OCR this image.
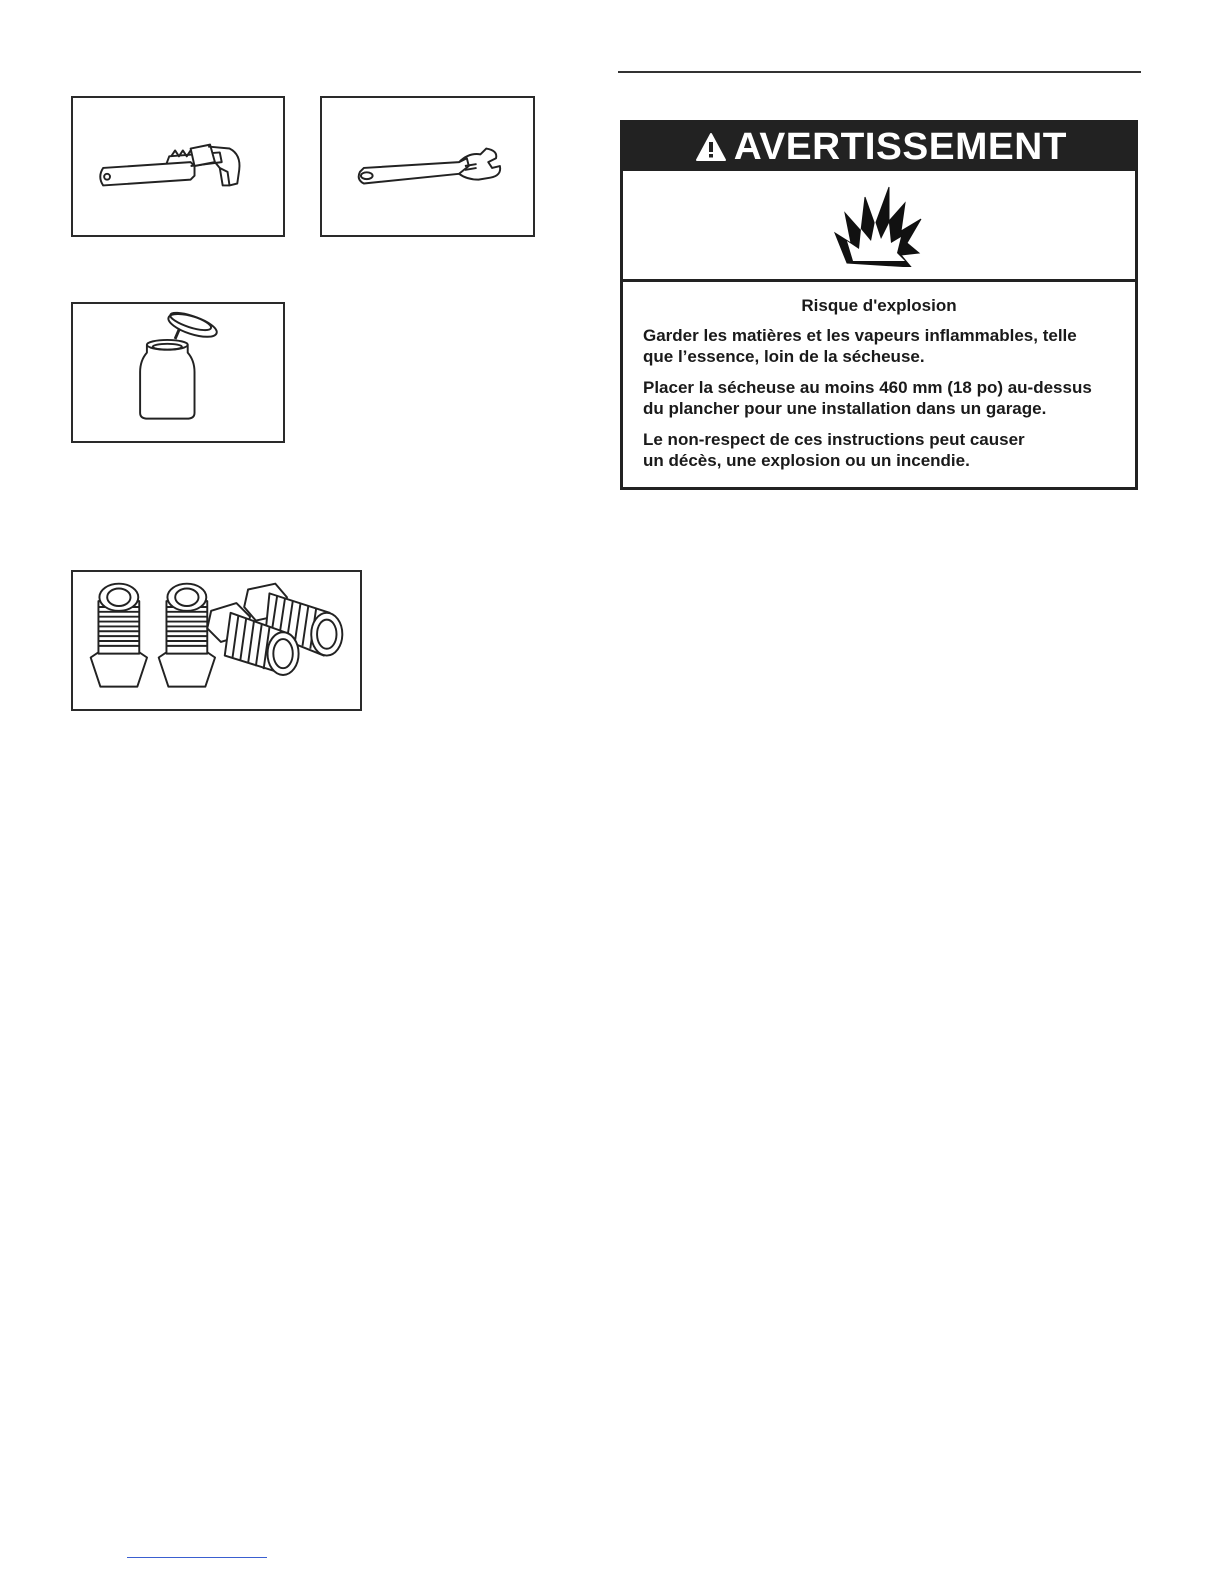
AVERTISSEMENT
Risque d'explosion

Garder les matières et les vapeurs inflammables, telle
que l’essence, loin de la sécheuse.

Placer la sécheuse au moins 460 mm (18 po) au-dessus
du plancher pour une installation dans un garage.

Le non-respect de ces instructions peut causer
un décès, une explosion ou un incendie.
